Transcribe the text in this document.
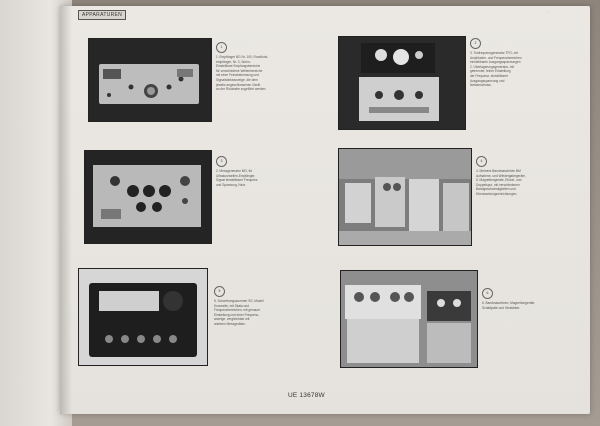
APPARATUREN
.
1
1. Empfänger BG Nr. 100, Rundfunk-
empfänger, Nr. 3, Wohn-
Einstellbare Empfangsbereiche
für verschiedene Wellenbereiche
mit einer Feinabstimmung und
Signalstärkeanzeige, die dem
jeweils angeschlossenen Gerät
an der Rückseite zugeführt werden.
2
3. Tonfrequenzgenerator TFG, mit
Amplituden- und Frequenzbereichen
einstellbaren Ausgangsspannungen
2. Überlagerungsgenerator, mit
getrennter, feiner Einstellung
der Frequenz, einstellbarer
Ausgangsspannung und
Netzanschluss.
3
2. Messgenerator MG, für
Ultrakurzwellen-Empfänger,
Signal einstellbarer Frequenz
und Spannung, Netz.
4
4. Mehrere Bandmaschinen BM
Aufnahme- und Wiedergabegeräte,
5. Magnettongeräte, Einzel- und
Doppelspur, mit verschiedenen
Bandgeschwindigkeiten und
Überwachungseinrichtungen.
5
5. Schwebungssummer SS, Modell
Kurzwelle, mit Skala und
Frequenzbereichen, mit genauer
Einstellung und einer Frequenz-
anzeige, vergleichbar mit
anderen Messgeräten.
6
6. Bandmaschinen, Magnettongeräte,
Schaltpulte und Verstärker.
UE 13678W
